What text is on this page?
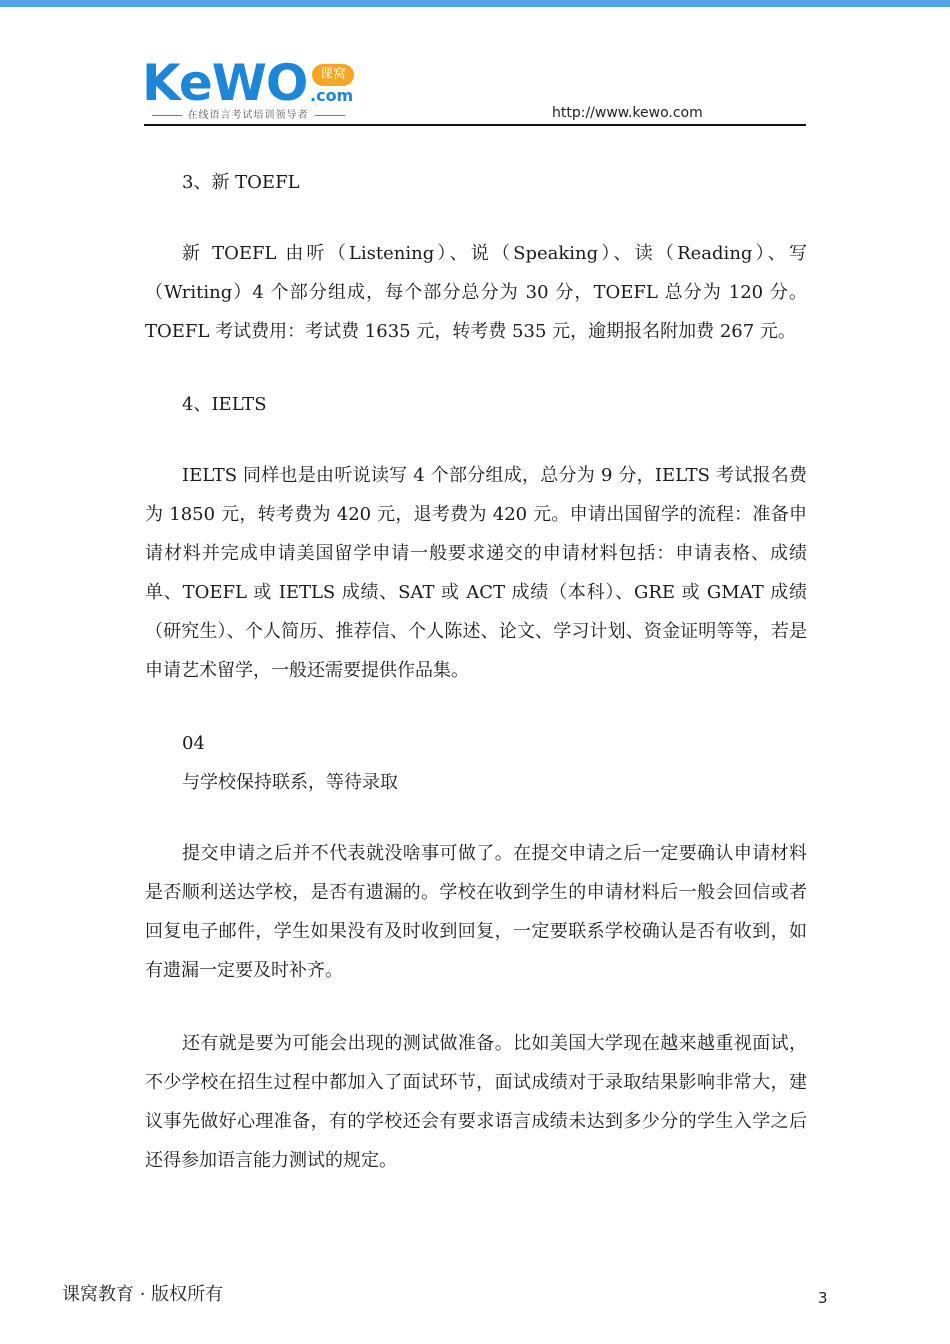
KeWO 课窝
.com
在线语言考试培训领导者	http://www.kewo.com

3、新 TOEFL

新 TOEFL 由听（Listening）、说（Speaking）、读（Reading）、写（Writing）4 个部分组成，每个部分总分为 30 分，TOEFL 总分为 120 分。TOEFL 考试费用：考试费 1635 元，转考费 535 元，逾期报名附加费 267 元。

4、IELTS

IELTS 同样也是由听说读写 4 个部分组成，总分为 9 分，IELTS 考试报名费为 1850 元，转考费为 420 元，退考费为 420 元。申请出国留学的流程：准备申请材料并完成申请美国留学申请一般要求递交的申请材料包括：申请表格、成绩单、TOEFL 或 IETLS 成绩、SAT 或 ACT 成绩（本科）、GRE 或 GMAT 成绩（研究生）、个人简历、推荐信、个人陈述、论文、学习计划、资金证明等等，若是申请艺术留学，一般还需要提供作品集。

04

与学校保持联系，等待录取

提交申请之后并不代表就没啥事可做了。在提交申请之后一定要确认申请材料是否顺利送达学校，是否有遗漏的。学校在收到学生的申请材料后一般会回信或者回复电子邮件，学生如果没有及时收到回复，一定要联系学校确认是否有收到，如有遗漏一定要及时补齐。

还有就是要为可能会出现的测试做准备。比如美国大学现在越来越重视面试，不少学校在招生过程中都加入了面试环节，面试成绩对于录取结果影响非常大，建议事先做好心理准备，有的学校还会有要求语言成绩未达到多少分的学生入学之后还得参加语言能力测试的规定。

课窝教育 · 版权所有	3
